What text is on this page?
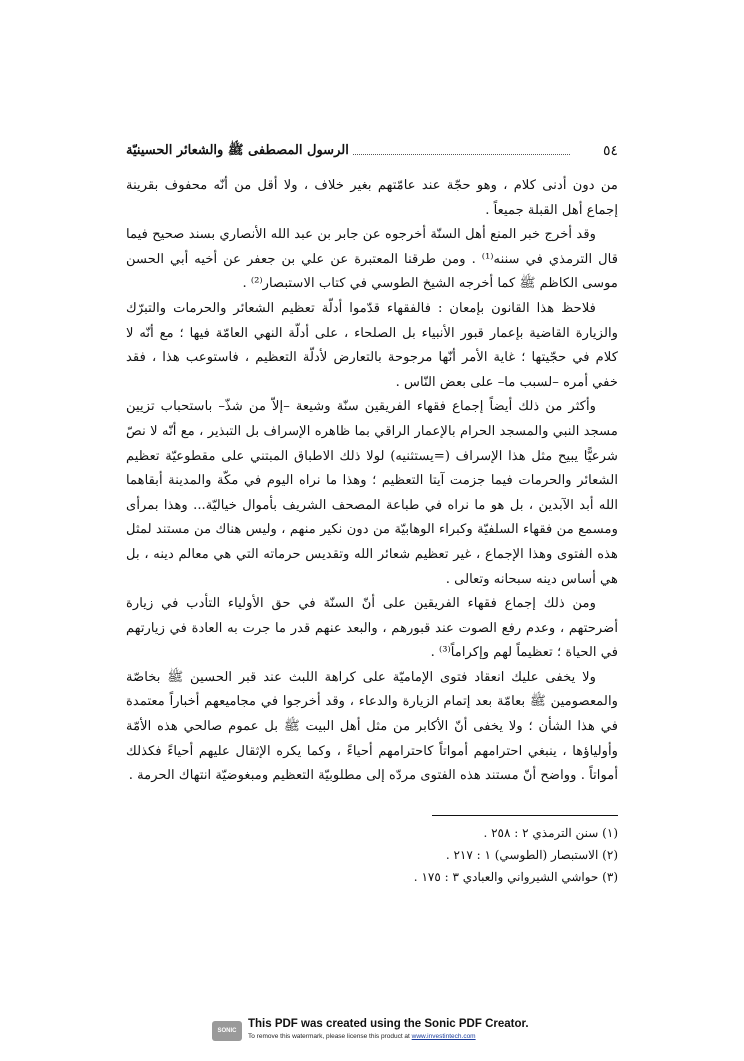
٥٤
الرسول المصطفى ﷺ والشعائر الحسينيّة

من دون أدنى كلام ، وهو حجّة عند عامّتهم بغير خلاف ، ولا أقل من أنّه محفوف بقرينة إجماع أهل القبلة جميعاً .

وقد أخرج خبر المنع أهل السنّة أخرجوه عن جابر بن عبد الله الأنصاري بسند صحيح فيما قال الترمذي في سننه⁽¹⁾ . ومن طرقنا المعتبرة عن علي بن جعفر عن أخيه أبي الحسن موسى الكاظم ﷺ كما أخرجه الشيخ الطوسي في كتاب الاستبصار⁽²⁾ .

فلاحظ هذا القانون بإمعان : فالفقهاء قدّموا أدلّة تعظيم الشعائر والحرمات والتبرّك والزيارة القاضية بإعمار قبور الأنبياء بل الصلحاء ، على أدلّة النهي العامّة فيها ؛ مع أنّه لا كلام في حجّيتها ؛ غاية الأمر أنّها مرجوحة بالتعارض لأدلّة التعظيم ، فاستوعب هذا ، فقد خفي أمره –لسبب ما– على بعض النّاس .

وأكثر من ذلك أيضاً إجماع فقهاء الفريقين سنّة وشيعة –إلاّ من شذّ– باستحباب تزيين مسجد النبي والمسجد الحرام بالإعمار الراقي بما ظاهره الإسراف بل التبذير ، مع أنّه لا نصّ شرعيًّا يبيح مثل هذا الإسراف (=يستثنيه) لولا ذلك الاطباق المبتني على مقطوعيّة تعظيم الشعائر والحرمات فيما جزمت آيتا التعظيم ؛ وهذا ما نراه اليوم في مكّة والمدينة أبقاهما الله أبد الآبدين ، بل هو ما نراه في طباعة المصحف الشريف بأموال خياليّة... وهذا بمرأى ومسمع من فقهاء السلفيّة وكبراء الوهابيّة من دون نكير منهم ، وليس هناك من مستند لمثل هذه الفتوى وهذا الإجماع ، غير تعظيم شعائر الله وتقديس حرماته التي هي معالم دينه ، بل هي أساس دينه سبحانه وتعالى .

ومن ذلك إجماع فقهاء الفريقين على أنّ السنّة في حق الأولياء التأدب في زيارة أضرحتهم ، وعدم رفع الصوت عند قبورهم ، والبعد عنهم قدر ما جرت به العادة في زيارتهم في الحياة ؛ تعظيماً لهم وإكراماً⁽³⁾ .

ولا يخفى عليك انعقاد فتوى الإماميّة على كراهة اللبث عند قبر الحسين ﷺ بخاصّة والمعصومين ﷺ بعامّة بعد إتمام الزيارة والدعاء ، وقد أخرجوا في مجاميعهم أخباراً معتمدة في هذا الشأن ؛ ولا يخفى أنّ الأكابر من مثل أهل البيت ﷺ بل عموم صالحي هذه الأمّة وأولياؤها ، ينبغي احترامهم أمواتاً كاحترامهم أحياءً ، وكما يكره الإثقال عليهم أحياءً فكذلك أمواتاً . وواضح أنّ مستند هذه الفتوى مردّه إلى مطلوبيّة التعظيم ومبغوضيّة انتهاك الحرمة .

(١) سنن الترمذي ٢ : ٢٥٨ .
(٢) الاستبصار (الطوسي) ١ : ٢١٧ .
(٣) حواشي الشيرواني والعبادي ٣ : ١٧٥ .
SONIC PDF
This PDF was created using the Sonic PDF Creator.
To remove this watermark, please license this product at www.investintech.com
